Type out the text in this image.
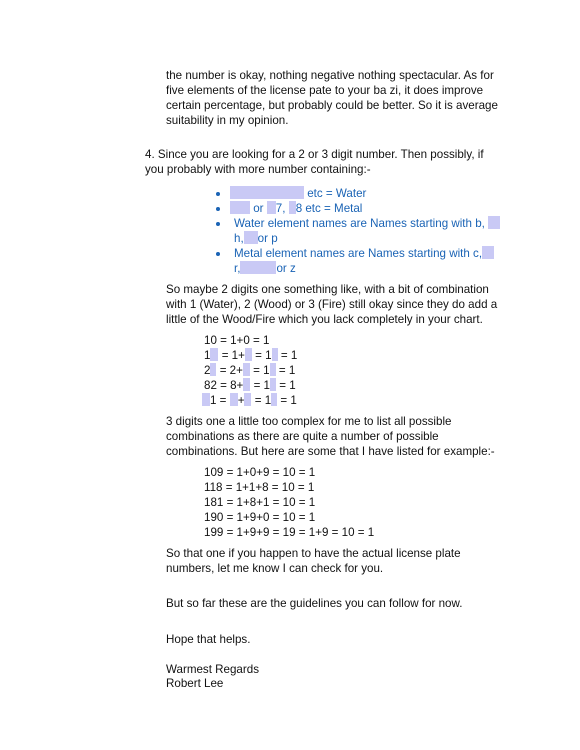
the number is okay, nothing negative nothing spectacular. As for
five elements of the license pate to your ba zi, it does improve
certain percentage, but probably could be better. So it is average
suitability in my opinion.
4. Since you are looking for a 2 or 3 digit number. Then possibly, if
you probably with more number containing:-
etc = Water
or 7, 8 etc = Metal
Water element names are Names starting with b,
h, or p
Metal element names are Names starting with c,
r,	or z
So maybe 2 digits one something like, with a bit of combination
with 1 (Water), 2 (Wood) or 3 (Fire) still okay since they do add a
little of the Wood/Fire which you lack completely in your chart.
10 = 1+0 = 1
1 = 1+ = 1 = 1
2 = 2+ = 1 = 1
82 = 8+ = 1 = 1
1 = + = 1 = 1
3 digits one a little too complex for me to list all possible
combinations as there are quite a number of possible
combinations. But here are some that I have listed for example:-
109 = 1+0+9 = 10 = 1
118 = 1+1+8 = 10 = 1
181 = 1+8+1 = 10 = 1
190 = 1+9+0 = 10 = 1
199 = 1+9+9 = 19 = 1+9 = 10 = 1
So that one if you happen to have the actual license plate
numbers, let me know I can check for you.
But so far these are the guidelines you can follow for now.
Hope that helps.
Warmest Regards
Robert Lee
